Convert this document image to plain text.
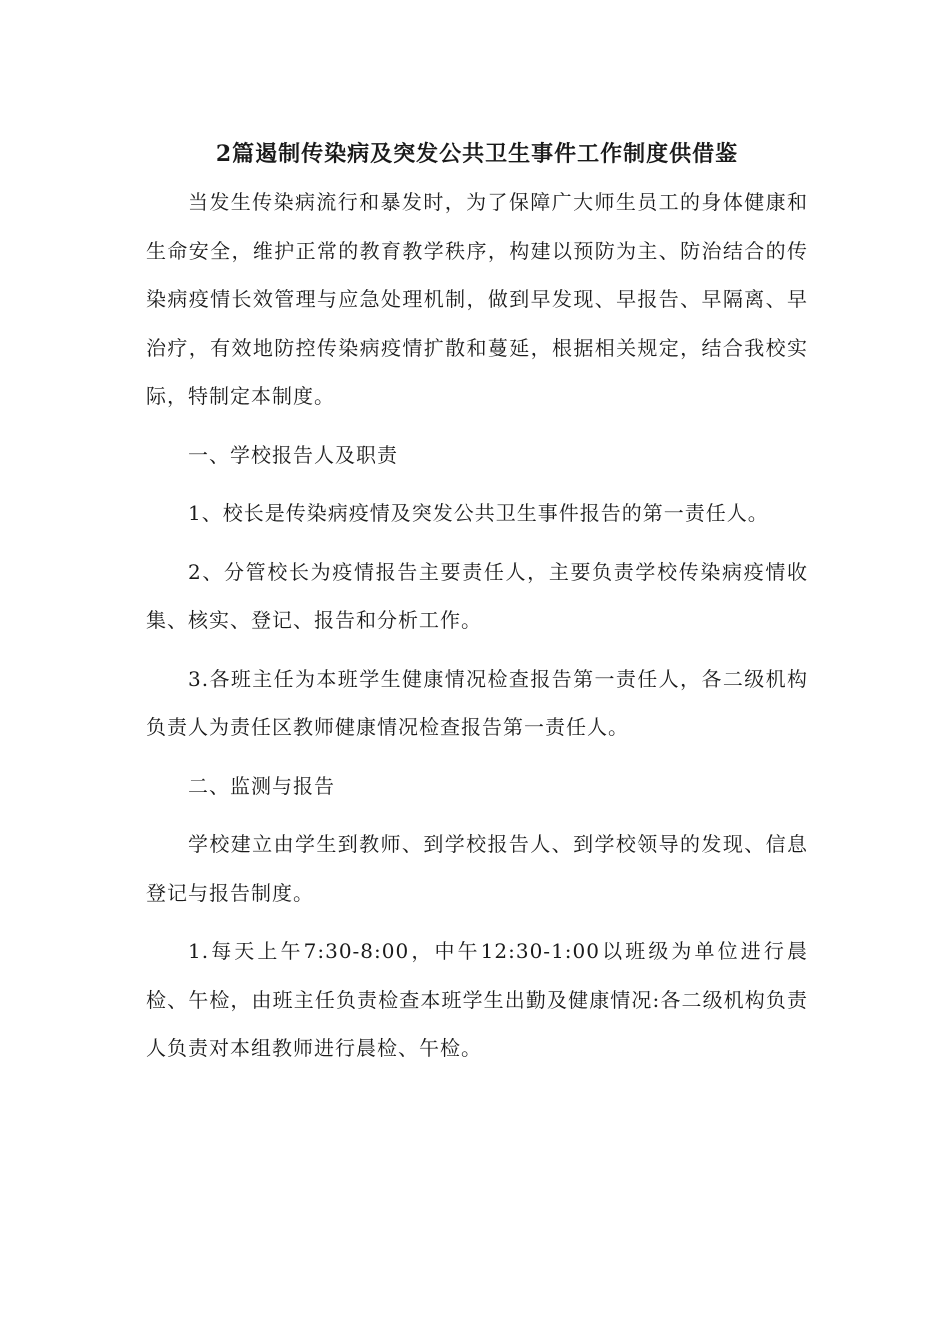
2篇遏制传染病及突发公共卫生事件工作制度供借鉴

当发生传染病流行和暴发时，为了保障广大师生员工的身体健康和生命安全，维护正常的教育教学秩序，构建以预防为主、防治结合的传染病疫情长效管理与应急处理机制，做到早发现、早报告、早隔离、早治疗，有效地防控传染病疫情扩散和蔓延，根据相关规定，结合我校实际，特制定本制度。

一、学校报告人及职责

1、校长是传染病疫情及突发公共卫生事件报告的第一责任人。

2、分管校长为疫情报告主要责任人，主要负责学校传染病疫情收集、核实、登记、报告和分析工作。

3.各班主任为本班学生健康情况检查报告第一责任人，各二级机构负责人为责任区教师健康情况检查报告第一责任人。

二、监测与报告

学校建立由学生到教师、到学校报告人、到学校领导的发现、信息登记与报告制度。

1.每天上午7:30-8:00，中午12:30-1:00以班级为单位进行晨检、午检，由班主任负责检查本班学生出勤及健康情况:各二级机构负责人负责对本组教师进行晨检、午检。
